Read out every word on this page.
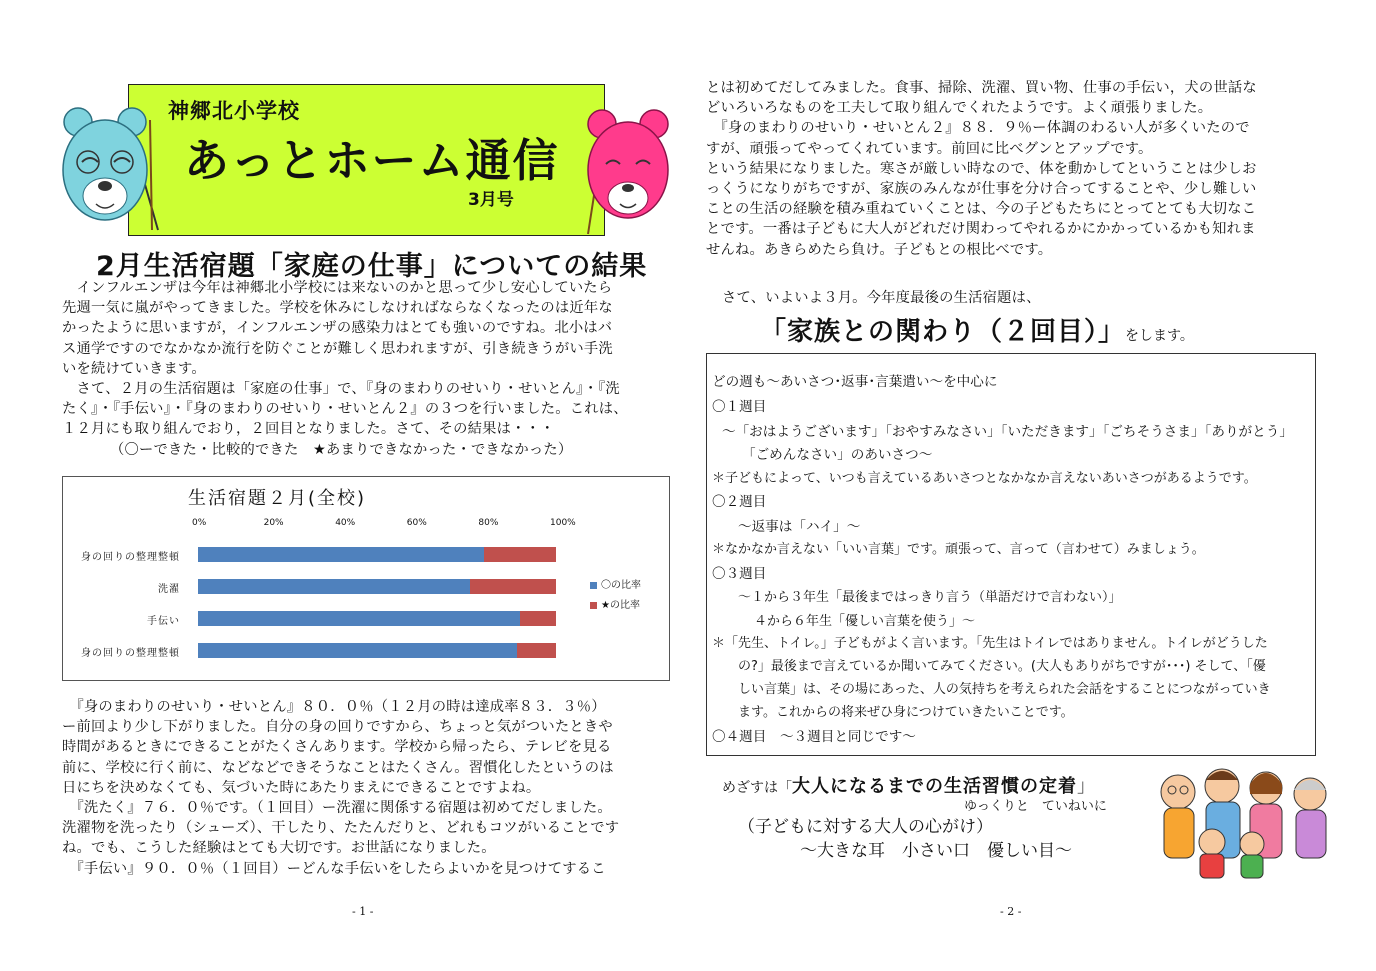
神郷北小学校
あっとホーム通信
3月号
2月生活宿題「家庭の仕事」についての結果

　インフルエンザは今年は神郷北小学校には来ないのかと思って少し安心していたら

先週一気に嵐がやってきました。学校を休みにしなければならなくなったのは近年な

かったように思いますが，インフルエンザの感染力はとても強いのですね。北小はバ

ス通学ですのでなかなか流行を防ぐことが難しく思われますが、引き続きうがい手洗

いを続けていきます。

　さて、２月の生活宿題は「家庭の仕事」で、『身のまわりのせいり・せいとん』・『洗

たく』・『手伝い』・『身のまわりのせいり・せいとん２』の３つを行いました。これは、

１２月にも取り組んでおり，２回目となりました。さて、その結果は・・・

（〇ーできた・比較的できた　★あまりできなかった・できなかった）
生活宿題２月(全校)
0%	20%	40%	60%	80%	100%
身の回りの整理整頓
洗濯
手伝い
身の回りの整理整頓
〇の比率
★の比率

　『身のまわりのせいり・せいとん』８０．０％（１２月の時は達成率８３．３％）

ー前回より少し下がりました。自分の身の回りですから、ちょっと気がついたときや

時間があるときにできることがたくさんあります。学校から帰ったら、テレビを見る

前に、学校に行く前に、などなどできそうなことはたくさん。習慣化したというのは

日にちを決めなくても、気づいた時にあたりまえにできることですよね。

　『洗たく』７６．０％です。（１回目）ー洗濯に関係する宿題は初めてだしました。

洗濯物を洗ったり（シューズ）、干したり、たたんだりと、どれもコツがいることです

ね。でも、こうした経験はとても大切です。お世話になりました。

　『手伝い』９０．０％（１回目）ーどんな手伝いをしたらよいかを見つけてするこ

- 1 -

とは初めてだしてみました。食事、掃除、洗濯、買い物、仕事の手伝い，犬の世話な

どいろいろなものを工夫して取り組んでくれたようです。よく頑張りました。

　『身のまわりのせいり・せいとん２』８８．９％ー体調のわるい人が多くいたので

すが、頑張ってやってくれています。前回に比べグンとアップです。

という結果になりました。寒さが厳しい時なので、体を動かしてということは少しお

っくうになりがちですが、家族のみんなが仕事を分け合ってすることや、少し難しい

ことの生活の経験を積み重ねていくことは、今の子どもたちにとってとても大切なこ

とです。一番は子どもに大人がどれだけ関わってやれるかにかかっているかも知れま

せんね。あきらめたら負け。子どもとの根比べです。

さて、いよいよ３月。今年度最後の生活宿題は、
「家族との関わり（２回目）」をします。
どの週も～あいさつ･返事･言葉遣い～を中心に
〇１週目
～「おはようございます」「おやすみなさい」「いただきます」「ごちそうさま」「ありがとう」
「ごめんなさい」のあいさつ～
＊子どもによって、いつも言えているあいさつとなかなか言えないあいさつがあるようです。
〇２週目
～返事は「ハイ」～
＊なかなか言えない「いい言葉」です。頑張って、言って（言わせて）みましょう。
〇３週目
～１から３年生「最後まではっきり言う（単語だけで言わない）」
４から６年生「優しい言葉を使う」～
＊「先生、トイレ。」子どもがよく言います。「先生はトイレではありません。トイレがどうした
の?」最後まで言えているか聞いてみてください。(大人もありがちですが･･･) そして、「優
しい言葉」は、その場にあった、人の気持ちを考えられた会話をすることにつながっていき
ます。これからの将来ぜひ身につけていきたいことです。
〇４週目　～３週目と同じです～
めざすは「大人になるまでの生活習慣の定着」
ゆっくりと　ていねいに
（子どもに対する大人の心がけ）
～大きな耳　小さい口　優しい目～
- 2 -
